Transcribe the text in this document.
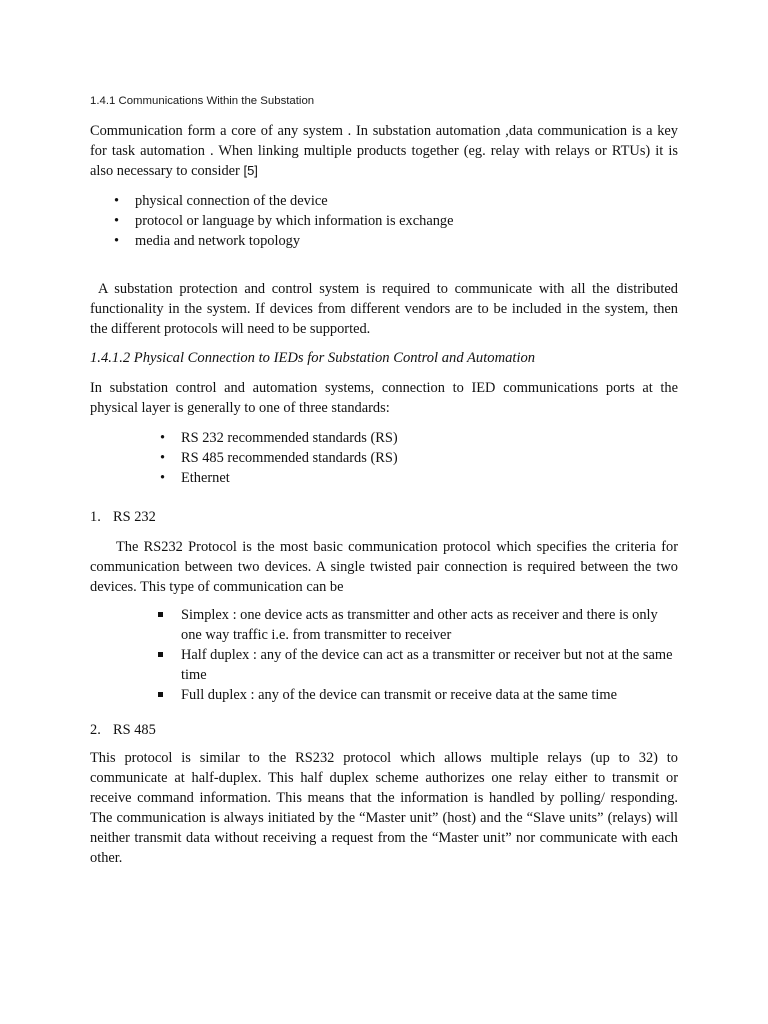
1.4.1 Communications Within the Substation

Communication form a core of any system . In substation automation ,data communication is a key for task automation . When linking multiple products together (eg. relay with relays or RTUs) it is also necessary to consider [5]

• physical connection of the device
• protocol or language by which information is exchange
• media and network topology

A substation protection and control system is required to communicate with all the distributed functionality in the system. If devices from different vendors are to be included in the system, then the different protocols will need to be supported.

1.4.1.2 Physical Connection to IEDs for Substation Control and Automation

In substation control and automation systems, connection to IED communications ports at the physical layer is generally to one of three standards:

• RS 232 recommended standards (RS)
• RS 485 recommended standards (RS)
• Ethernet
1. RS 232

The RS232 Protocol is the most basic communication protocol which specifies the criteria for communication between two devices. A single twisted pair connection is required between the two devices. This type of communication can be

Simplex : one device acts as transmitter and other acts as receiver and there is only one way traffic i.e. from transmitter to receiver
Half duplex : any of the device can act as a transmitter or receiver but not at the same time
Full duplex : any of the device can transmit or receive data at the same time
2. RS 485

This protocol is similar to the RS232 protocol which allows multiple relays (up to 32) to communicate at half-duplex. This half duplex scheme authorizes one relay either to transmit or receive command information. This means that the information is handled by polling/ responding. The communication is always initiated by the “Master unit” (host) and the “Slave units” (relays) will neither transmit data without receiving a request from the “Master unit” nor communicate with each other.
